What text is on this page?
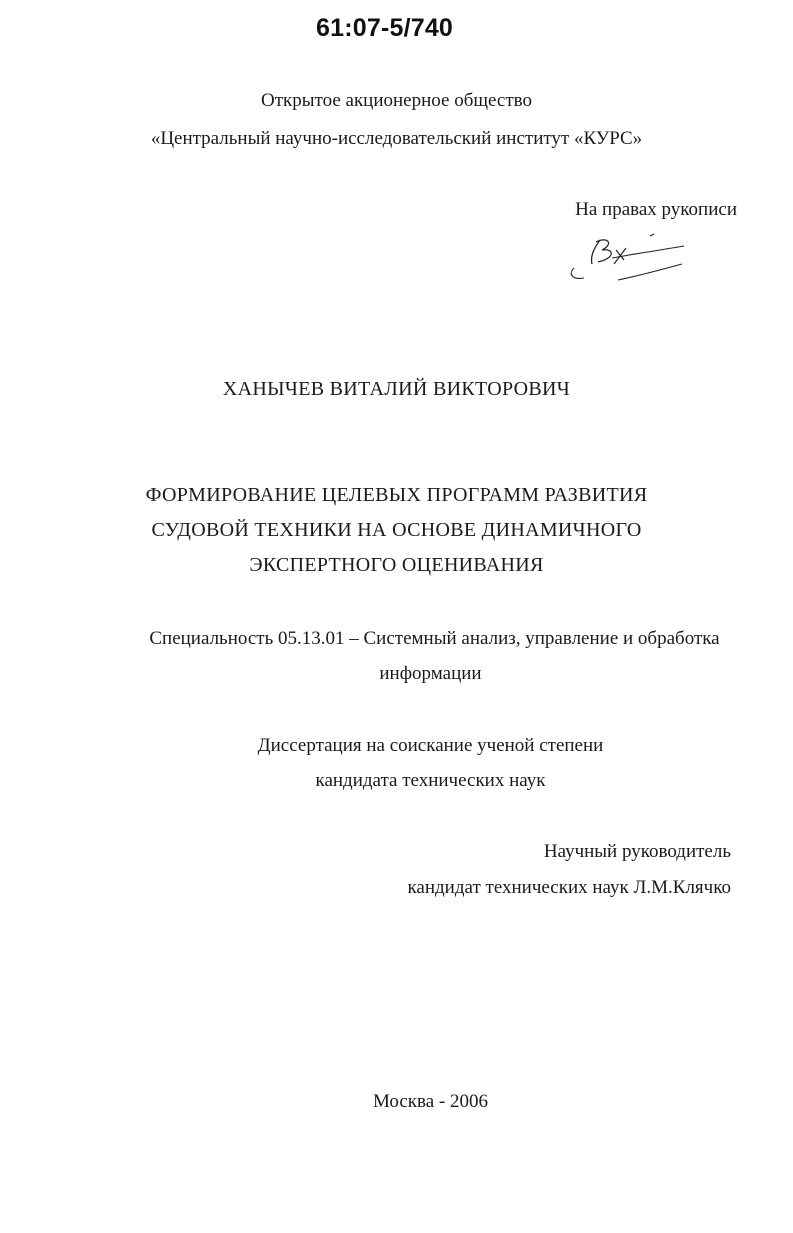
61:07-5/740
Открытое акционерное общество
«Центральный научно-исследовательский институт «КУРС»
На правах рукописи
ХАНЫЧЕВ ВИТАЛИЙ ВИКТОРОВИЧ
ФОРМИРОВАНИЕ ЦЕЛЕВЫХ ПРОГРАММ РАЗВИТИЯ
СУДОВОЙ ТЕХНИКИ НА ОСНОВЕ ДИНАМИЧНОГО
ЭКСПЕРТНОГО ОЦЕНИВАНИЯ
Специальность 05.13.01 – Системный анализ, управление и обработка
информации
Диссертация на соискание ученой степени
кандидата технических наук
Научный руководитель
кандидат технических наук Л.М.Клячко
Москва - 2006
